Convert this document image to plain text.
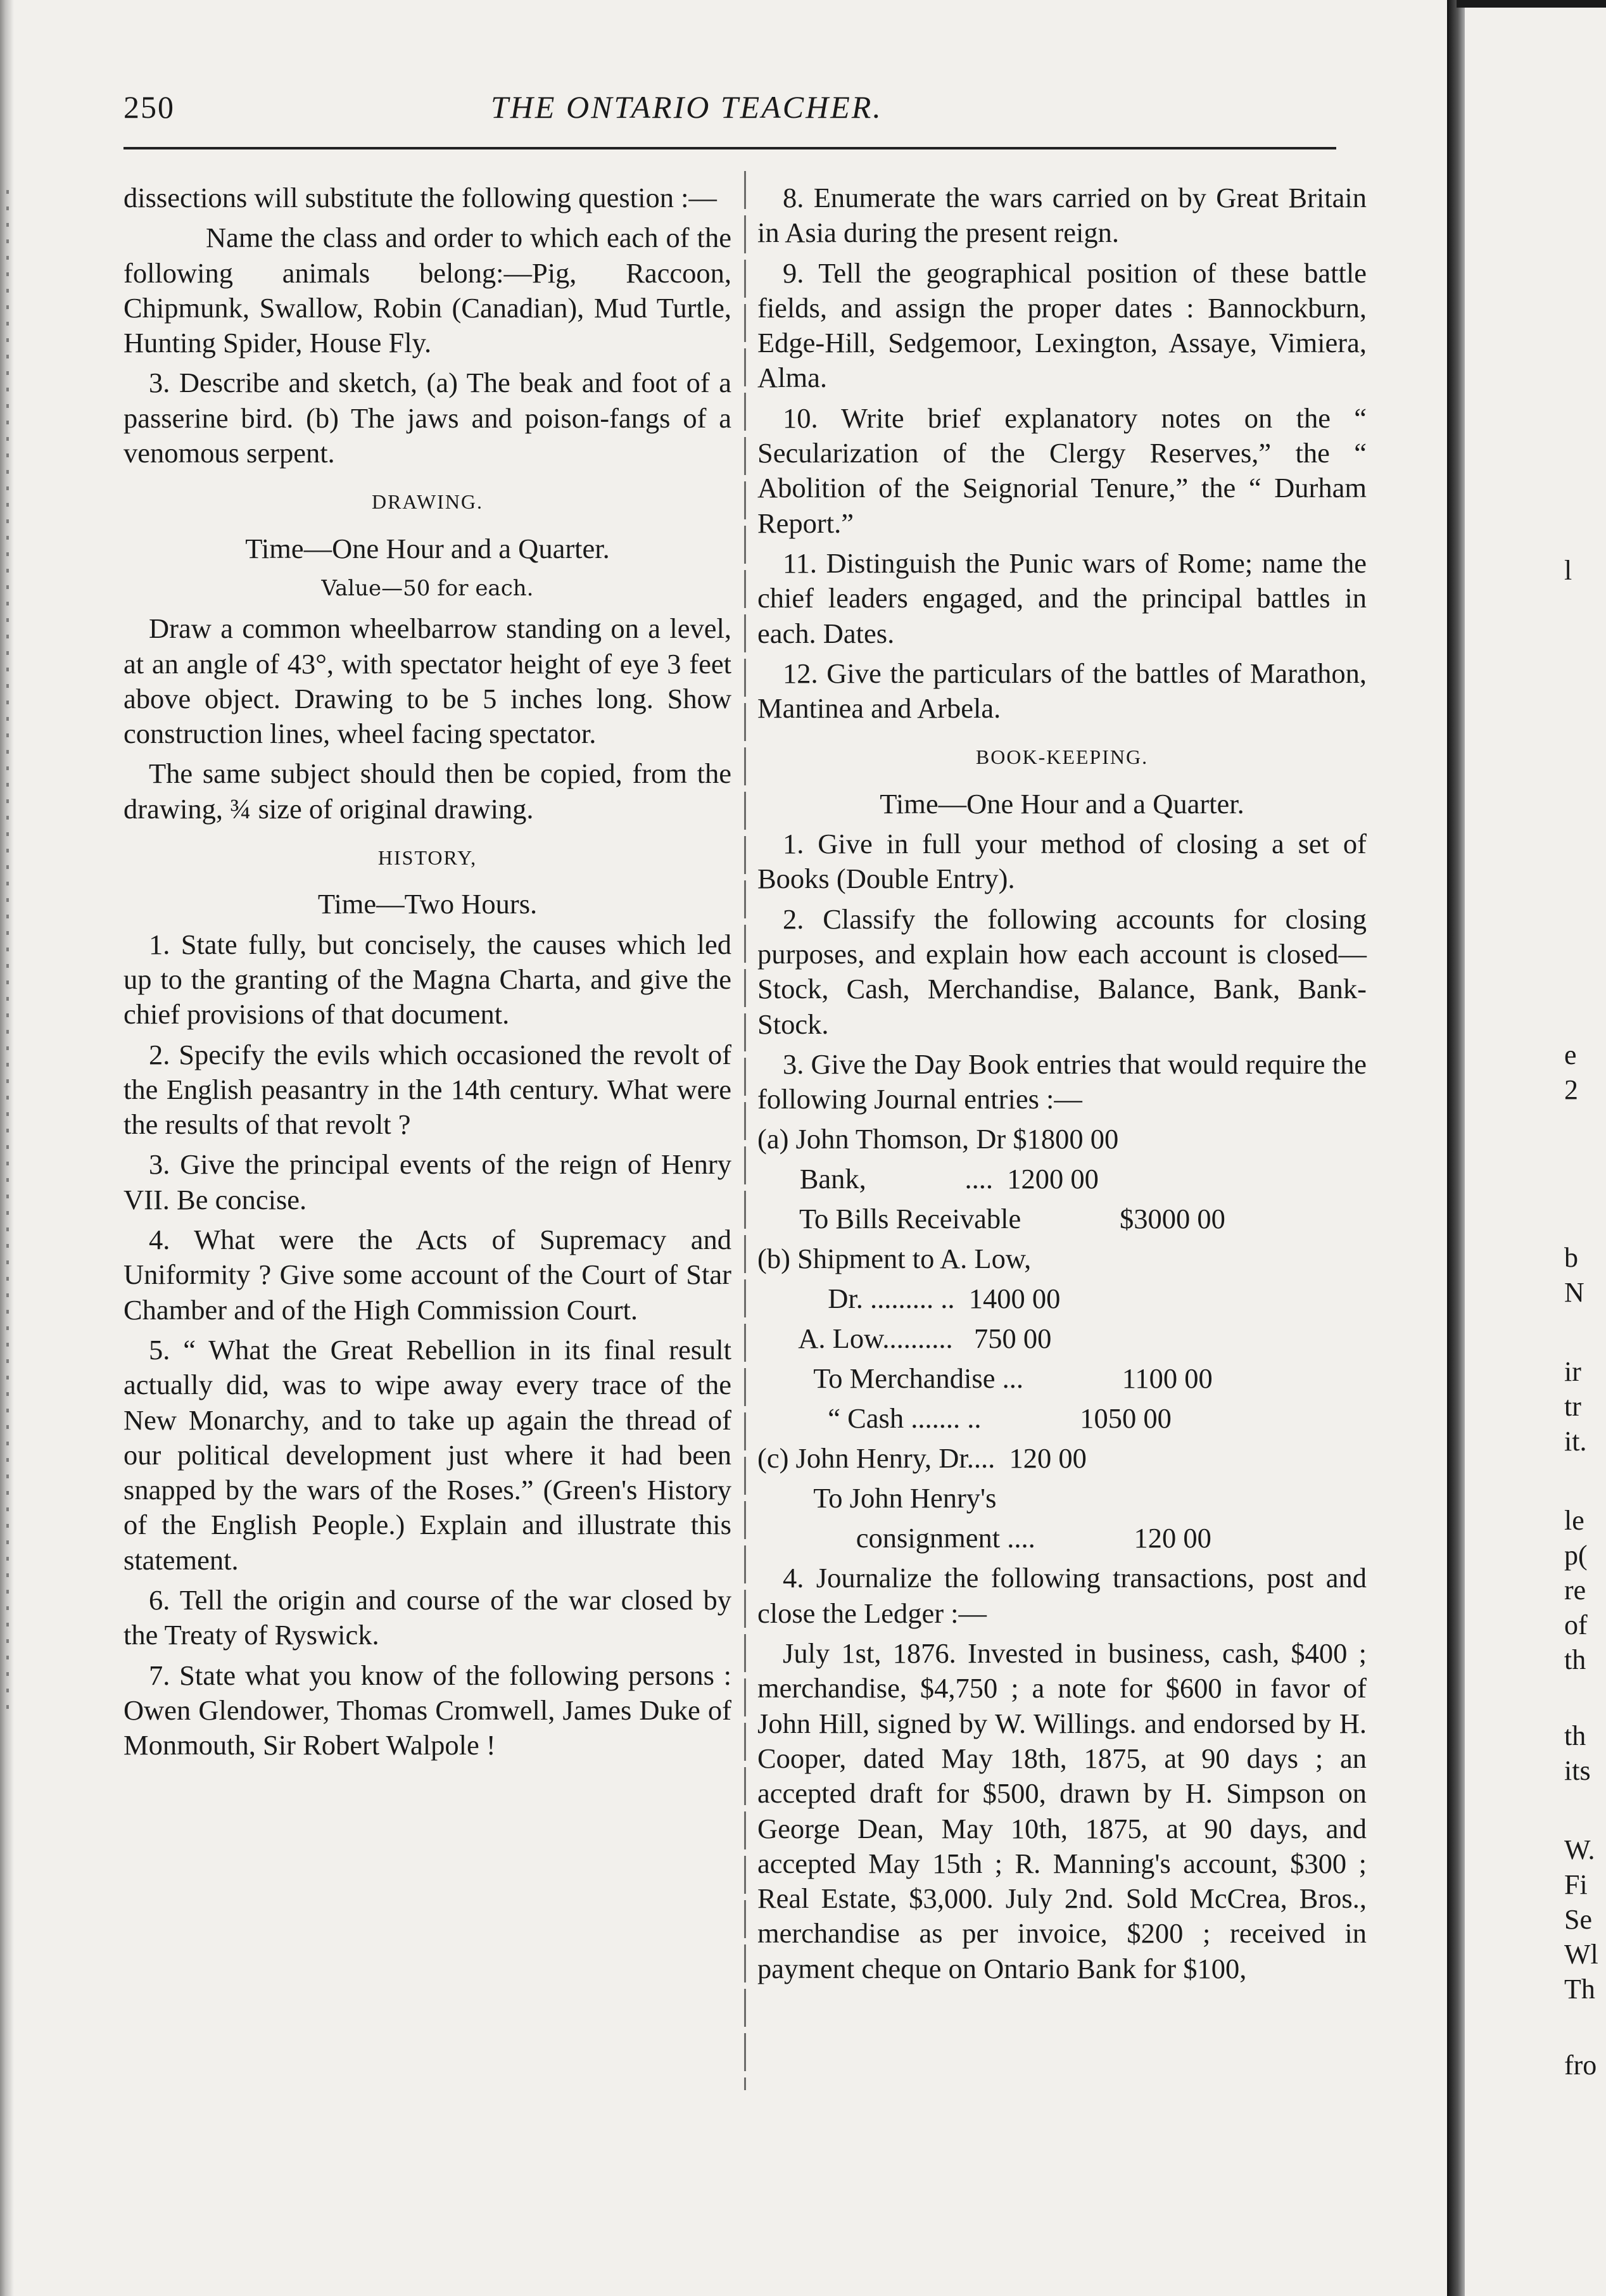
250	THE ONTARIO TEACHER.

dissections will substitute the following question :—

Name the class and order to which each of the following animals belong:—Pig, Raccoon, Chipmunk, Swallow, Robin (Canadian), Mud Turtle, Hunting Spider, House Fly.

3. Describe and sketch, (a) The beak and foot of a passerine bird. (b) The jaws and poison-fangs of a venomous serpent.

DRAWING.

Time—One Hour and a Quarter.

Value—50 for each.

Draw a common wheelbarrow standing on a level, at an angle of 43°, with spectator height of eye 3 feet above object. Drawing to be 5 inches long. Show construction lines, wheel facing spectator.

The same subject should then be copied, from the drawing, ¾ size of original drawing.

HISTORY,

Time—Two Hours.

1. State fully, but concisely, the causes which led up to the granting of the Magna Charta, and give the chief provisions of that document.

2. Specify the evils which occasioned the revolt of the English peasantry in the 14th century. What were the results of that revolt ?

3. Give the principal events of the reign of Henry VII. Be concise.

4. What were the Acts of Supremacy and Uniformity ? Give some account of the Court of Star Chamber and of the High Commission Court.

5. “ What the Great Rebellion in its final result actually did, was to wipe away every trace of the New Monarchy, and to take up again the thread of our political development just where it had been snapped by the wars of the Roses.” (Green's History of the English People.) Explain and illustrate this statement.

6. Tell the origin and course of the war closed by the Treaty of Ryswick.

7. State what you know of the following persons : Owen Glendower, Thomas Cromwell, James Duke of Monmouth, Sir Robert Walpole !

8. Enumerate the wars carried on by Great Britain in Asia during the present reign.

9. Tell the geographical position of these battle fields, and assign the proper dates : Bannockburn, Edge-Hill, Sedgemoor, Lexington, Assaye, Vimiera, Alma.

10. Write brief explanatory notes on the “ Secularization of the Clergy Reserves,” the “ Abolition of the Seignorial Tenure,” the “ Durham Report.”

11. Distinguish the Punic wars of Rome; name the chief leaders engaged, and the principal battles in each. Dates.

12. Give the particulars of the battles of Marathon, Mantinea and Arbela.

BOOK-KEEPING.

Time—One Hour and a Quarter.

1. Give in full your method of closing a set of Books (Double Entry).

2. Classify the following accounts for closing purposes, and explain how each account is closed—Stock, Cash, Merchandise, Balance, Bank, Bank-Stock.

3. Give the Day Book entries that would require the following Journal entries :—

(a) John Thomson, Dr $1800 00

Bank,              ....  1200 00

To Bills Receivable              $3000 00

(b) Shipment to A. Low,

Dr. ......... ..  1400 00

A. Low..........   750 00

To Merchandise ...              1100 00

“ Cash ....... ..              1050 00

(c) John Henry, Dr....  120 00

To John Henry's

consignment ....              120 00

4. Journalize the following transactions, post and close the Ledger :—

July 1st, 1876. Invested in business, cash, $400 ; merchandise, $4,750 ; a note for $600 in favor of John Hill, signed by W. Willings. and endorsed by H. Cooper, dated May 18th, 1875, at 90 days ; an accepted draft for $500, drawn by H. Simpson on George Dean, May 10th, 1875, at 90 days, and accepted May 15th ; R. Manning's account, $300 ; Real Estate, $3,000. July 2nd. Sold McCrea, Bros., merchandise as per invoice, $200 ; received in payment cheque on Ontario Bank for $100,

l
e
2
b
N
ir
tr
it.
le
p(
re
of
th
th
its
W.
Fi
Se
Wl
Th
fro
